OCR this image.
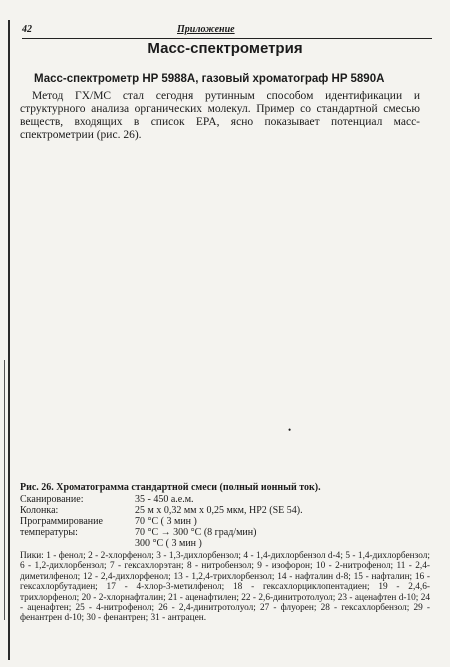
42	Приложение
Масс-спектрометрия
Масс-спектрометр HP 5988A, газовый хроматограф HP 5890A
Метод ГХ/МС стал сегодня рутинным способом идентификации и структурного анализа органических молекул. Пример со стандартной смесью веществ, входящих в список EPA, ясно показывает потенциал масс-спектрометрии (рис. 26).
•
Рис. 26. Хроматограмма стандартной смеси (полный ионный ток).
Сканирование:	35 - 450 а.е.м.
Колонка:	25 м х 0,32 мм х 0,25 мкм, HP2 (SE 54).
Программирование	70 °C ( 3 мин )
температуры:	70 °C → 300 °C (8 град/мин)
300 °C ( 3 мин )
Пики: 1 - фенол; 2 - 2-хлорфенол; 3 - 1,3-дихлорбензол; 4 - 1,4-дихлорбензол d-4; 5 - 1,4-дихлорбензол; 6 - 1,2-дихлорбензол; 7 - гексахлорэтан; 8 - нитробензол; 9 - изофорон; 10 - 2-нитрофенол; 11 - 2,4-диметилфенол; 12 - 2,4-дихлорфенол; 13 - 1,2,4-трихлорбензол; 14 - нафталин d-8; 15 - нафталин; 16 - гексахлорбутадиен; 17 - 4-хлор-3-метилфенол; 18 - гексахлорциклопентадиен; 19 - 2,4,6-трихлорфенол; 20 - 2-хлорнафталин; 21 - аценафтилен; 22 - 2,6-динитротолуол; 23 - аценафтен d-10; 24 - аценафтен; 25 - 4-нитрофенол; 26 - 2,4-динитротолуол; 27 - флуорен; 28 - гексахлорбензол; 29 - фенантрен d-10; 30 - фенантрен; 31 - антрацен.
